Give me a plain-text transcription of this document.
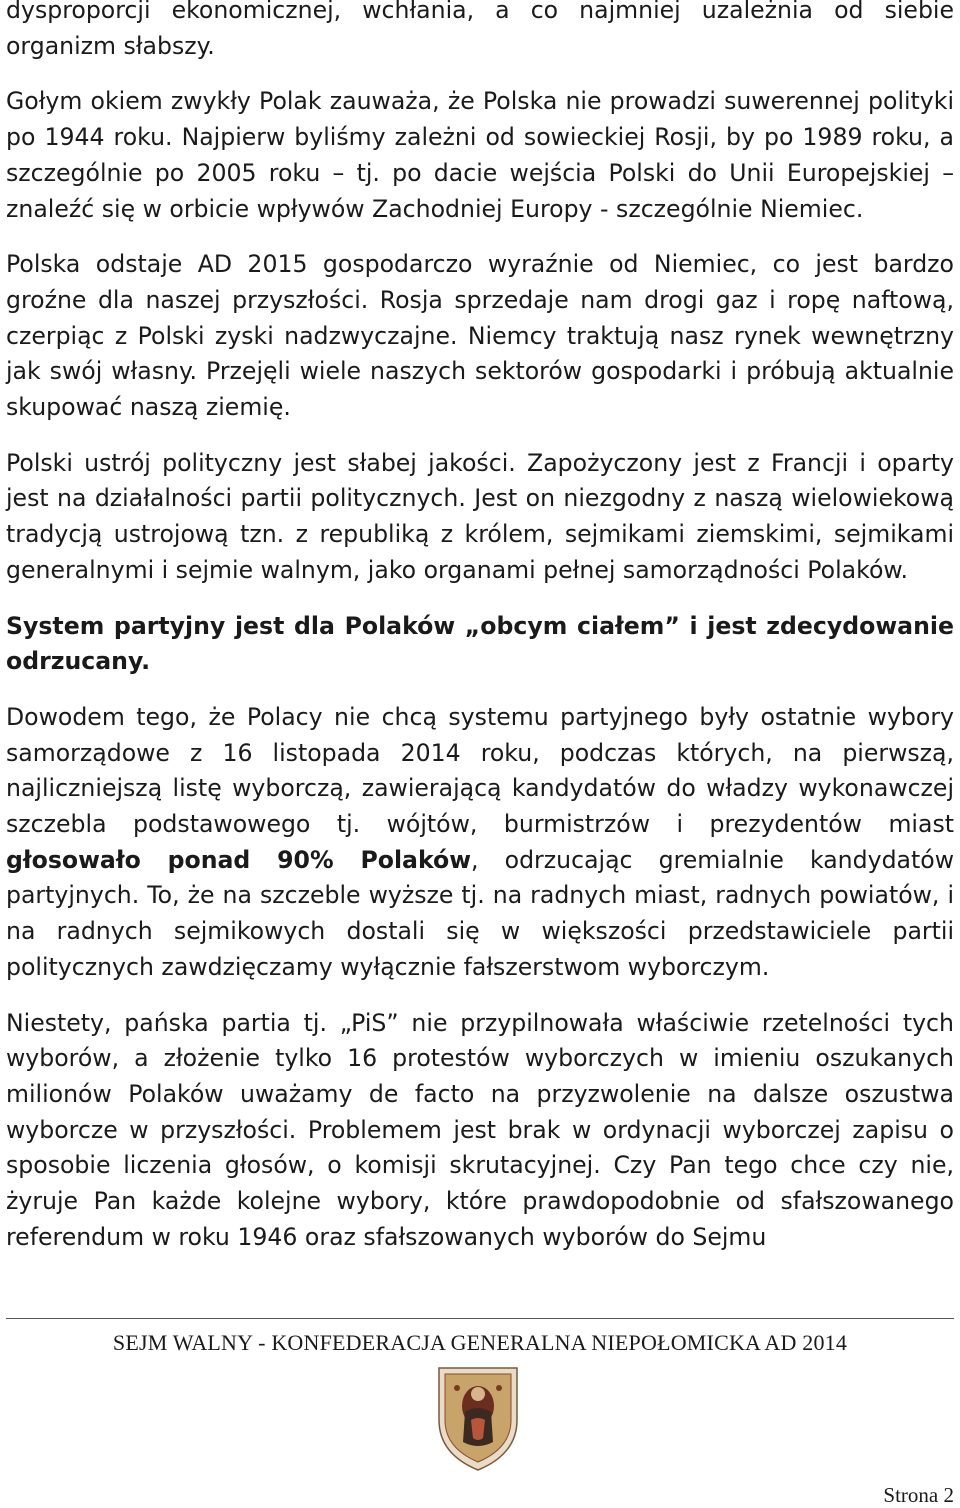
dysproporcji ekonomicznej, wchłania, a co najmniej uzależnia od siebie organizm słabszy.

Gołym okiem zwykły Polak zauważa, że Polska nie prowadzi suwerennej polityki po 1944 roku. Najpierw byliśmy zależni od sowieckiej Rosji, by po 1989 roku, a szczególnie po 2005 roku – tj. po dacie wejścia Polski do Unii Europejskiej – znaleźć się w orbicie wpływów Zachodniej Europy - szczególnie Niemiec.

Polska odstaje AD 2015 gospodarczo wyraźnie od Niemiec, co jest bardzo groźne dla naszej przyszłości. Rosja sprzedaje nam drogi gaz i ropę naftową, czerpiąc z Polski zyski nadzwyczajne. Niemcy traktują nasz rynek wewnętrzny jak swój własny. Przejęli wiele naszych sektorów gospodarki i próbują aktualnie skupować naszą ziemię.

Polski ustrój polityczny jest słabej jakości. Zapożyczony jest z Francji i oparty jest na działalności partii politycznych. Jest on niezgodny z naszą wielowiekową tradycją ustrojową tzn. z republiką z królem, sejmikami ziemskimi, sejmikami generalnymi i sejmie walnym, jako organami pełnej samorządności Polaków.

System partyjny jest dla Polaków „obcym ciałem” i jest zdecydowanie odrzucany.

Dowodem tego, że Polacy nie chcą systemu partyjnego były ostatnie wybory samorządowe z 16 listopada 2014 roku, podczas których, na pierwszą, najliczniejszą listę wyborczą, zawierającą kandydatów do władzy wykonawczej szczebla podstawowego tj. wójtów, burmistrzów i prezydentów miast głosowało ponad 90% Polaków, odrzucając gremialnie kandydatów partyjnych. To, że na szczeble wyższe tj. na radnych miast, radnych powiatów, i na radnych sejmikowych dostali się w większości przedstawiciele partii politycznych zawdzięczamy wyłącznie fałszerstwom wyborczym.

Niestety, pańska partia tj. „PiS” nie przypilnowała właściwie rzetelności tych wyborów, a złożenie tylko 16 protestów wyborczych w imieniu oszukanych milionów Polaków uważamy de facto na przyzwolenie na dalsze oszustwa wyborcze w przyszłości. Problemem jest brak w ordynacji wyborczej zapisu o sposobie liczenia głosów, o komisji skrutacyjnej. Czy Pan tego chce czy nie, żyruje Pan każde kolejne wybory, które prawdopodobnie od sfałszowanego referendum w roku 1946 oraz sfałszowanych wyborów do Sejmu

SEJM WALNY - KONFEDERACJA GENERALNA NIEPOŁOMICKA AD 2014
Strona 2
